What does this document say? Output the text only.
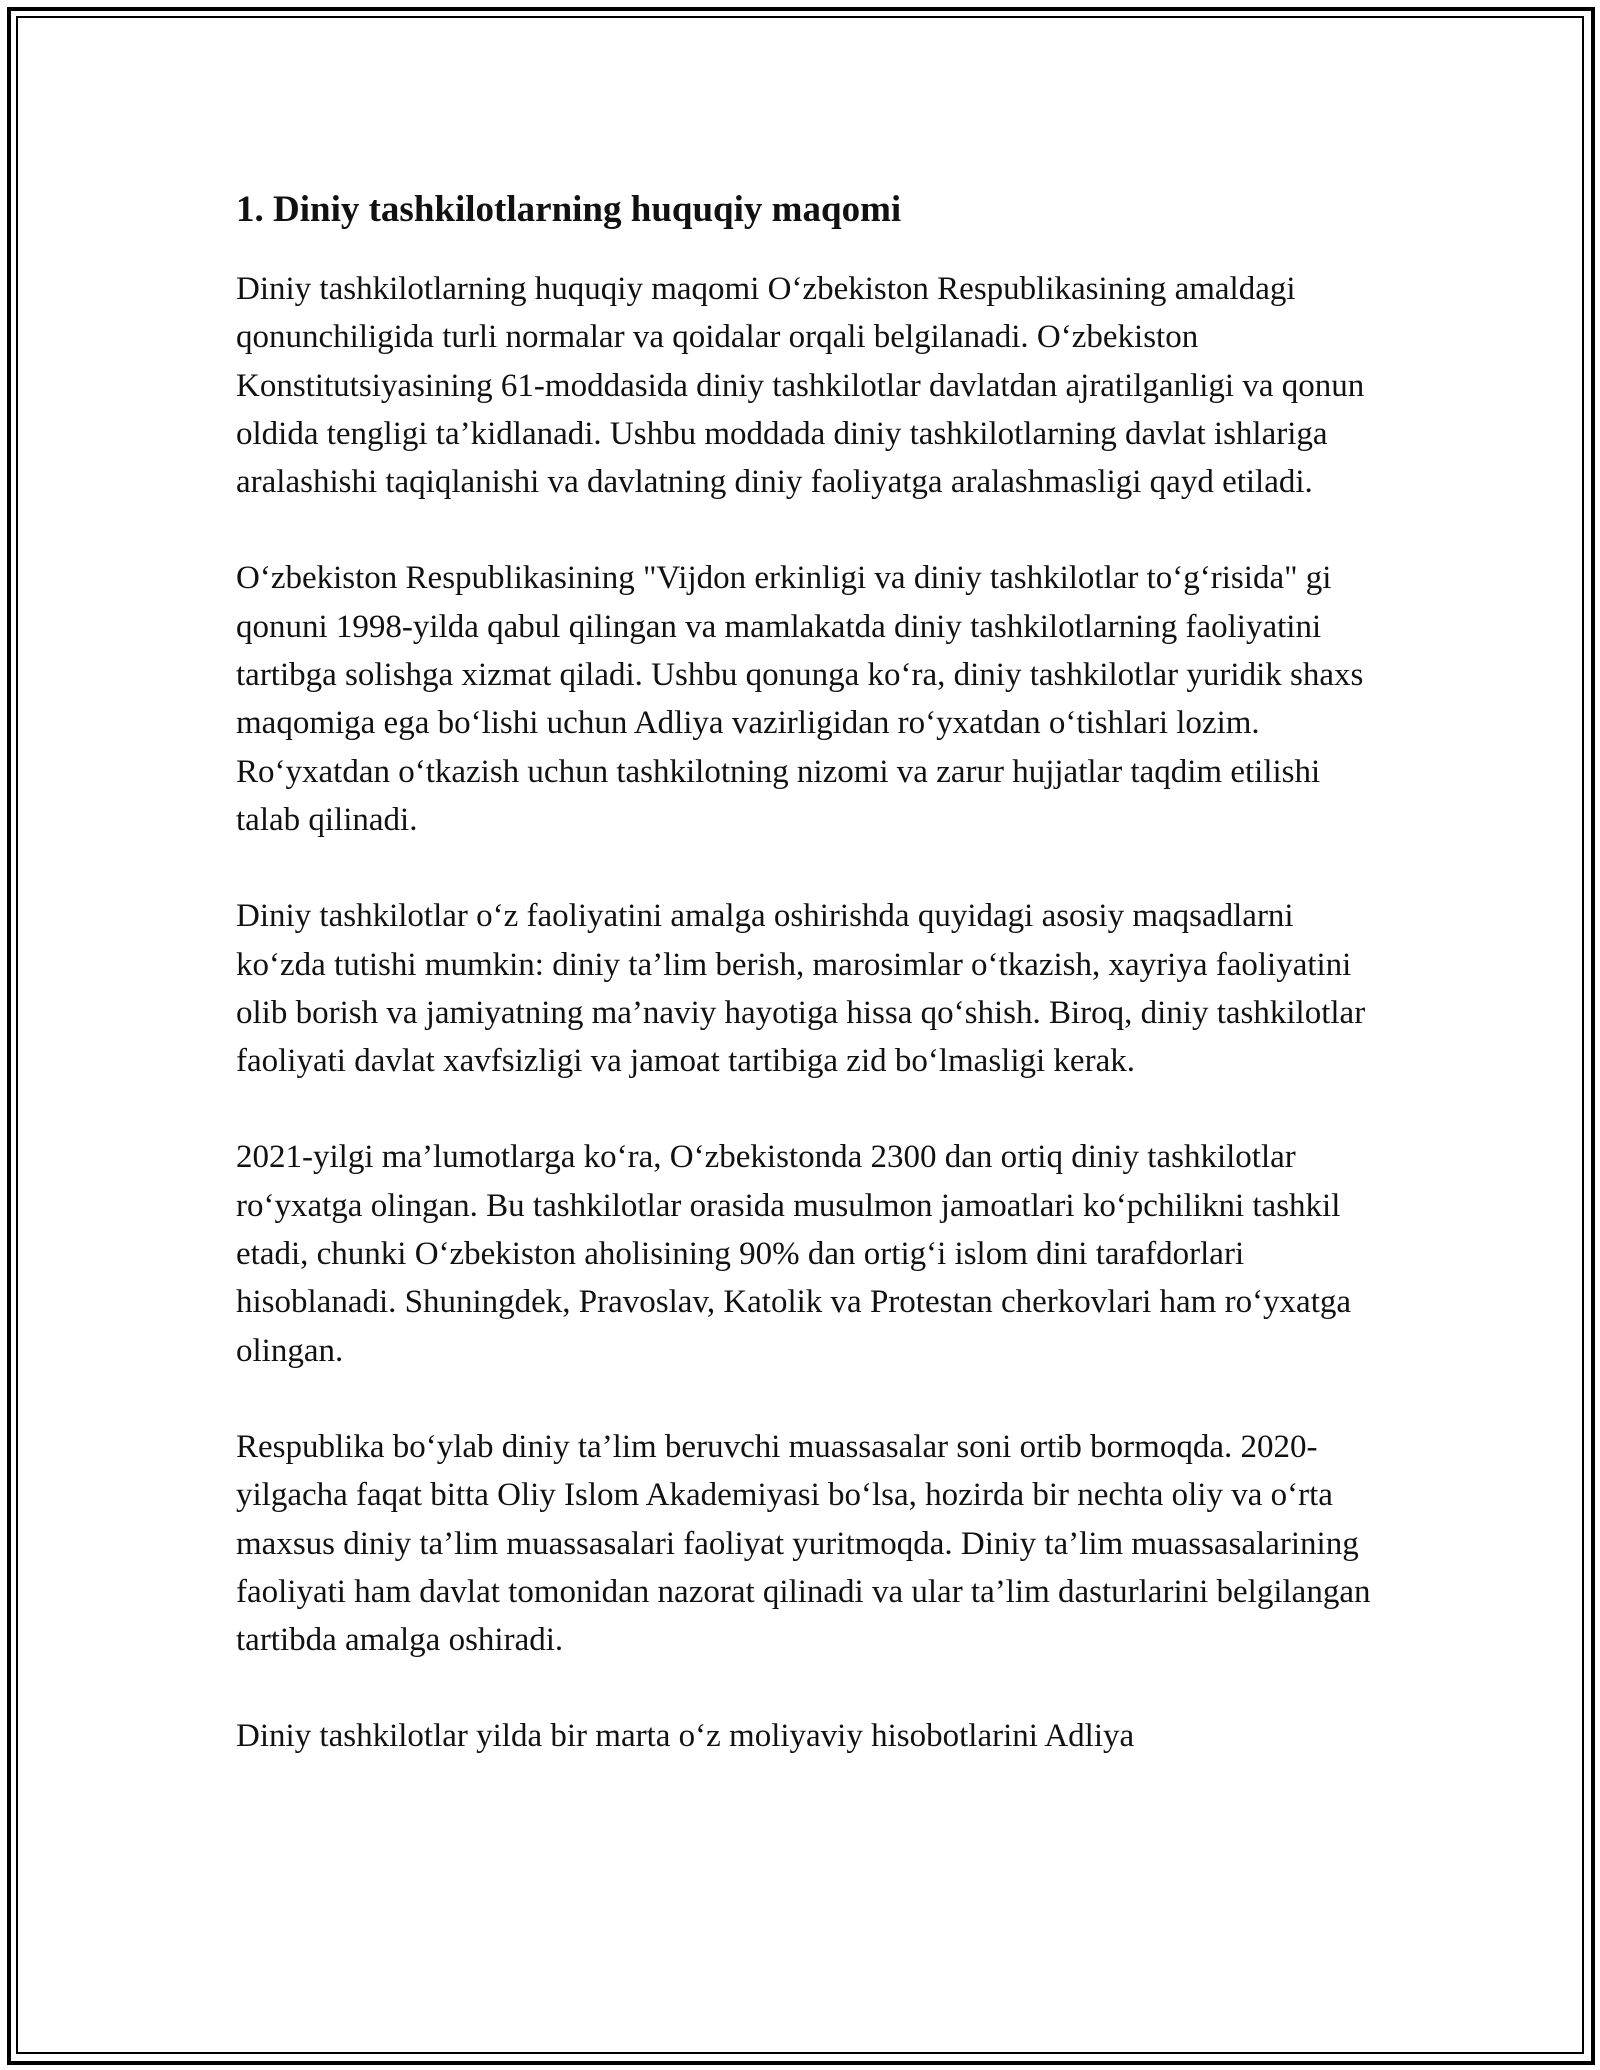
1. Diniy tashkilotlarning huquqiy maqomi

Diniy tashkilotlarning huquqiy maqomi O‘zbekiston Respublikasining amaldagi qonunchiligida turli normalar va qoidalar orqali belgilanadi. O‘zbekiston Konstitutsiyasining 61-moddasida diniy tashkilotlar davlatdan ajratilganligi va qonun oldida tengligi ta’kidlanadi. Ushbu moddada diniy tashkilotlarning davlat ishlariga aralashishi taqiqlanishi va davlatning diniy faoliyatga aralashmasligi qayd etiladi.

O‘zbekiston Respublikasining "Vijdon erkinligi va diniy tashkilotlar to‘g‘risida" gi qonuni 1998-yilda qabul qilingan va mamlakatda diniy tashkilotlarning faoliyatini tartibga solishga xizmat qiladi. Ushbu qonunga ko‘ra, diniy tashkilotlar yuridik shaxs maqomiga ega bo‘lishi uchun Adliya vazirligidan ro‘yxatdan o‘tishlari lozim. Ro‘yxatdan o‘tkazish uchun tashkilotning nizomi va zarur hujjatlar taqdim etilishi talab qilinadi.

Diniy tashkilotlar o‘z faoliyatini amalga oshirishda quyidagi asosiy maqsadlarni ko‘zda tutishi mumkin: diniy ta’lim berish, marosimlar o‘tkazish, xayriya faoliyatini olib borish va jamiyatning ma’naviy hayotiga hissa qo‘shish. Biroq, diniy tashkilotlar faoliyati davlat xavfsizligi va jamoat tartibiga zid bo‘lmasligi kerak.

2021-yilgi ma’lumotlarga ko‘ra, O‘zbekistonda 2300 dan ortiq diniy tashkilotlar ro‘yxatga olingan. Bu tashkilotlar orasida musulmon jamoatlari ko‘pchilikni tashkil etadi, chunki O‘zbekiston aholisining 90% dan ortig‘i islom dini tarafdorlari hisoblanadi. Shuningdek, Pravoslav, Katolik va Protestan cherkovlari ham ro‘yxatga olingan.

Respublika bo‘ylab diniy ta’lim beruvchi muassasalar soni ortib bormoqda. 2020-yilgacha faqat bitta Oliy Islom Akademiyasi bo‘lsa, hozirda bir nechta oliy va o‘rta maxsus diniy ta’lim muassasalari faoliyat yuritmoqda. Diniy ta’lim muassasalarining faoliyati ham davlat tomonidan nazorat qilinadi va ular ta’lim dasturlarini belgilangan tartibda amalga oshiradi.

Diniy tashkilotlar yilda bir marta o‘z moliyaviy hisobotlarini Adliya
